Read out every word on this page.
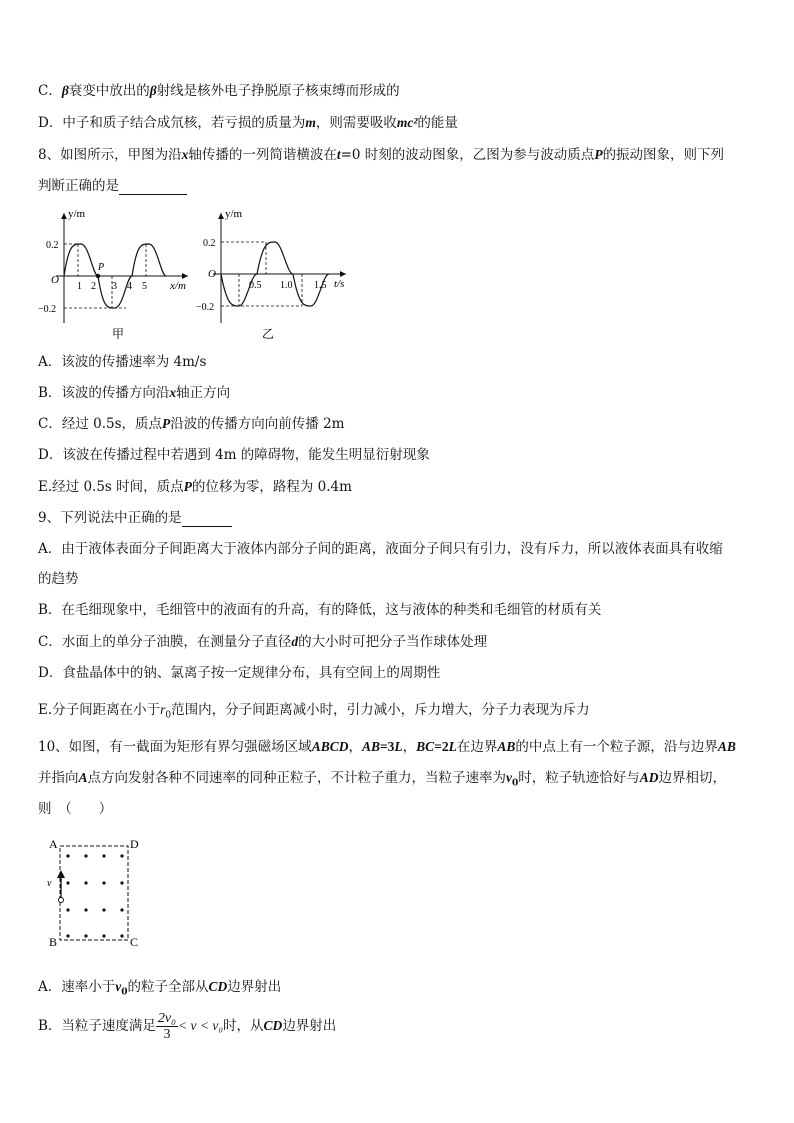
C．β衰变中放出的β射线是核外电子挣脱原子核束缚而形成的
D．中子和质子结合成氘核，若亏损的质量为m，则需要吸收mc²的能量
8、如图所示，甲图为沿x轴传播的一列简谐横波在t=0 时刻的波动图象，乙图为参与波动质点P的振动图象，则下列
判断正确的是
y/m
x/m
O
0.2
−0.2
P
1 2 3 4 5
甲
y/m
t/s
O
0.2
−0.2
0.5 1.0 1.5
乙
A．该波的传播速率为 4m/s
B．该波的传播方向沿x轴正方向
C．经过 0.5s，质点P沿波的传播方向向前传播 2m
D．该波在传播过程中若遇到 4m 的障碍物，能发生明显衍射现象
E.经过 0.5s 时间，质点P的位移为零，路程为 0.4m
9、下列说法中正确的是
A．由于液体表面分子间距离大于液体内部分子间的距离，液面分子间只有引力，没有斥力，所以液体表面具有收缩
的趋势
B．在毛细现象中，毛细管中的液面有的升高，有的降低，这与液体的种类和毛细管的材质有关
C．水面上的单分子油膜，在测量分子直径d的大小时可把分子当作球体处理
D．食盐晶体中的钠、氯离子按一定规律分布，具有空间上的周期性
E.分子间距离在小于$r_0$范围内，分子间距离减小时，引力减小，斥力增大，分子力表现为斥力
10、如图，有一截面为矩形有界匀强磁场区域ABCD，AB=3L，BC=2L在边界AB的中点上有一个粒子源，沿与边界AB
并指向A点方向发射各种不同速率的同种正粒子，不计粒子重力，当粒子速率为$v_0$时，粒子轨迹恰好与AD边界相切，
则　（　　）
A	D
B	C
v
A．速率小于$v_0$的粒子全部从CD边界射出
B．当粒子速度满足 $\frac{\text{2v₀}}{3} < v < v_0$时，从CD边界射出
